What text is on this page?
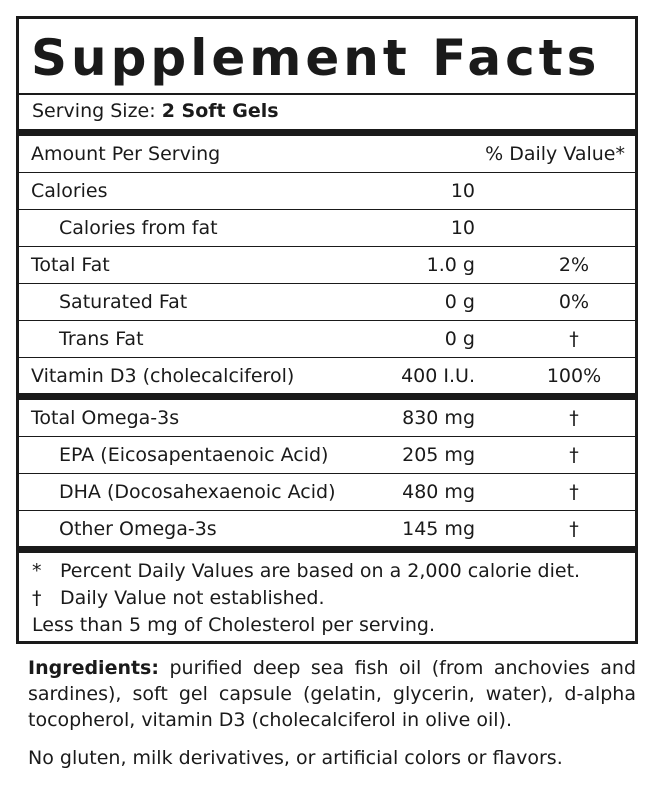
Supplement Facts
Serving Size: 2 Soft Gels
Amount Per Serving	% Daily Value*
Calories	10
Calories from fat	10
Total Fat	1.0 g	2%
Saturated Fat	0 g	0%
Trans Fat	0 g	†
Vitamin D3 (cholecalciferol)	400 I.U.	100%
Total Omega-3s	830 mg	†
EPA (Eicosapentaenoic Acid)	205 mg	†
DHA (Docosahexaenoic Acid)	480 mg	†
Other Omega-3s	145 mg	†
* Percent Daily Values are based on a 2,000 calorie diet.
† Daily Value not established.
Less than 5 mg of Cholesterol per serving.
Ingredients: purified deep sea fish oil (from anchovies and sardines), soft gel capsule (gelatin, glycerin, water), d-alpha tocopherol, vitamin D3 (cholecalciferol in olive oil).
No gluten, milk derivatives, or artificial colors or flavors.
